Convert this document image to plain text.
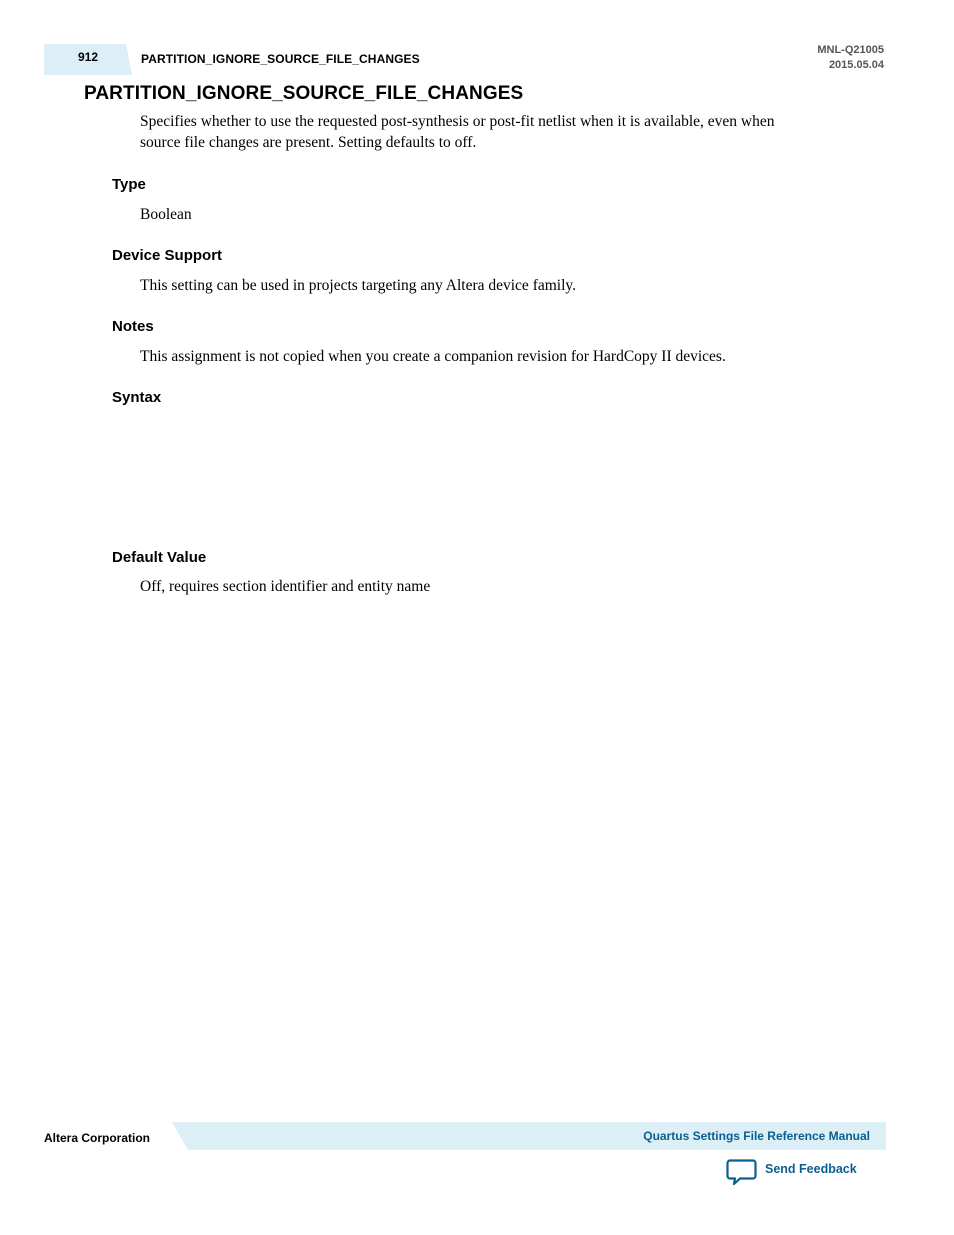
912	PARTITION_IGNORE_SOURCE_FILE_CHANGES
MNL-Q21005
2015.05.04
PARTITION_IGNORE_SOURCE_FILE_CHANGES
Specifies whether to use the requested post-synthesis or post-fit netlist when it is available, even when
source file changes are present. Setting defaults to off.
Type

Boolean

Device Support

This setting can be used in projects targeting any Altera device family.

Notes

This assignment is not copied when you create a companion revision for HardCopy II devices.

Syntax
Default Value

Off, requires section identifier and entity name

Altera Corporation	Quartus Settings File Reference Manual
Send Feedback
